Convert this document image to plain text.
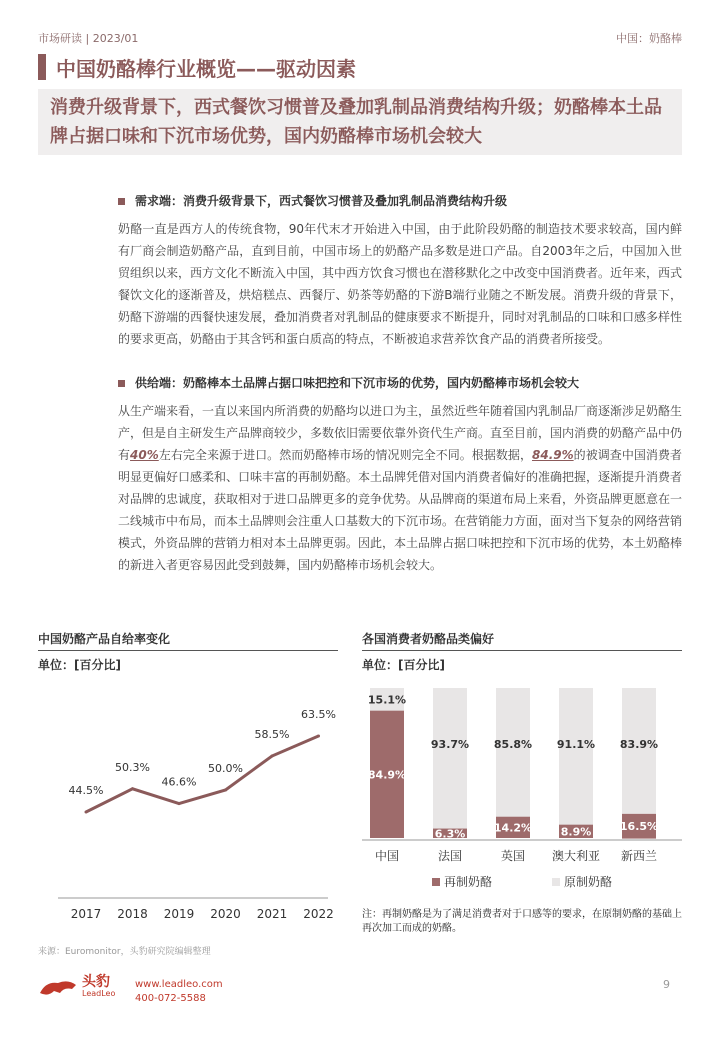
市场研读 | 2023/01	中国：奶酪棒
中国奶酪棒行业概览——驱动因素
消费升级背景下，西式餐饮习惯普及叠加乳制品消费结构升级；奶酪棒本土品牌占据口味和下沉市场优势，国内奶酪棒市场机会较大
需求端：消费升级背景下，西式餐饮习惯普及叠加乳制品消费结构升级
奶酪一直是西方人的传统食物，90年代末才开始进入中国，由于此阶段奶酪的制造技术要求较高，国内鲜有厂商会制造奶酪产品，直到目前，中国市场上的奶酪产品多数是进口产品。自2003年之后，中国加入世贸组织以来，西方文化不断流入中国，其中西方饮食习惯也在潜移默化之中改变中国消费者。近年来，西式餐饮文化的逐渐普及，烘焙糕点、西餐厅、奶茶等奶酪的下游B端行业随之不断发展。消费升级的背景下，奶酪下游端的西餐快速发展，叠加消费者对乳制品的健康要求不断提升，同时对乳制品的口味和口感多样性的要求更高，奶酪由于其含钙和蛋白质高的特点，不断被追求营养饮食产品的消费者所接受。
供给端：奶酪棒本土品牌占据口味把控和下沉市场的优势，国内奶酪棒市场机会较大
从生产端来看，一直以来国内所消费的奶酪均以进口为主，虽然近些年随着国内乳制品厂商逐渐涉足奶酪生产，但是自主研发生产品牌商较少，多数依旧需要依靠外资代生产商。直至目前，国内消费的奶酪产品中仍有40%左右完全来源于进口。然而奶酪棒市场的情况则完全不同。根据数据，84.9%的被调查中国消费者明显更偏好口感柔和、口味丰富的再制奶酪。本土品牌凭借对国内消费者偏好的准确把握，逐渐提升消费者对品牌的忠诚度，获取相对于进口品牌更多的竞争优势。从品牌商的渠道布局上来看，外资品牌更愿意在一二线城市中布局，而本土品牌则会注重人口基数大的下沉市场。在营销能力方面，面对当下复杂的网络营销模式，外资品牌的营销力相对本土品牌更弱。因此，本土品牌占据口味把控和下沉市场的优势，本土奶酪棒的新进入者更容易因此受到鼓舞，国内奶酪棒市场机会较大。
中国奶酪产品自给率变化
单位：[百分比]
44.5%
2017
50.3%
2018
46.6%
2019
50.0%
2020
58.5%
2021
63.5%
2022
各国消费者奶酪品类偏好
单位：[百分比]
15.1%
84.9%
中国
93.7%
6.3%
法国
85.8%
14.2%
英国
91.1%
8.9%
澳大利亚
83.9%
16.5%
新西兰
再制奶酪	原制奶酪
注：再制奶酪是为了满足消费者对于口感等的要求，在原制奶酪的基础上再次加工而成的奶酪。
来源：Euromonitor，头豹研究院编辑整理
头豹
LeadLeo
www.leadleo.com
400-072-5588
9
